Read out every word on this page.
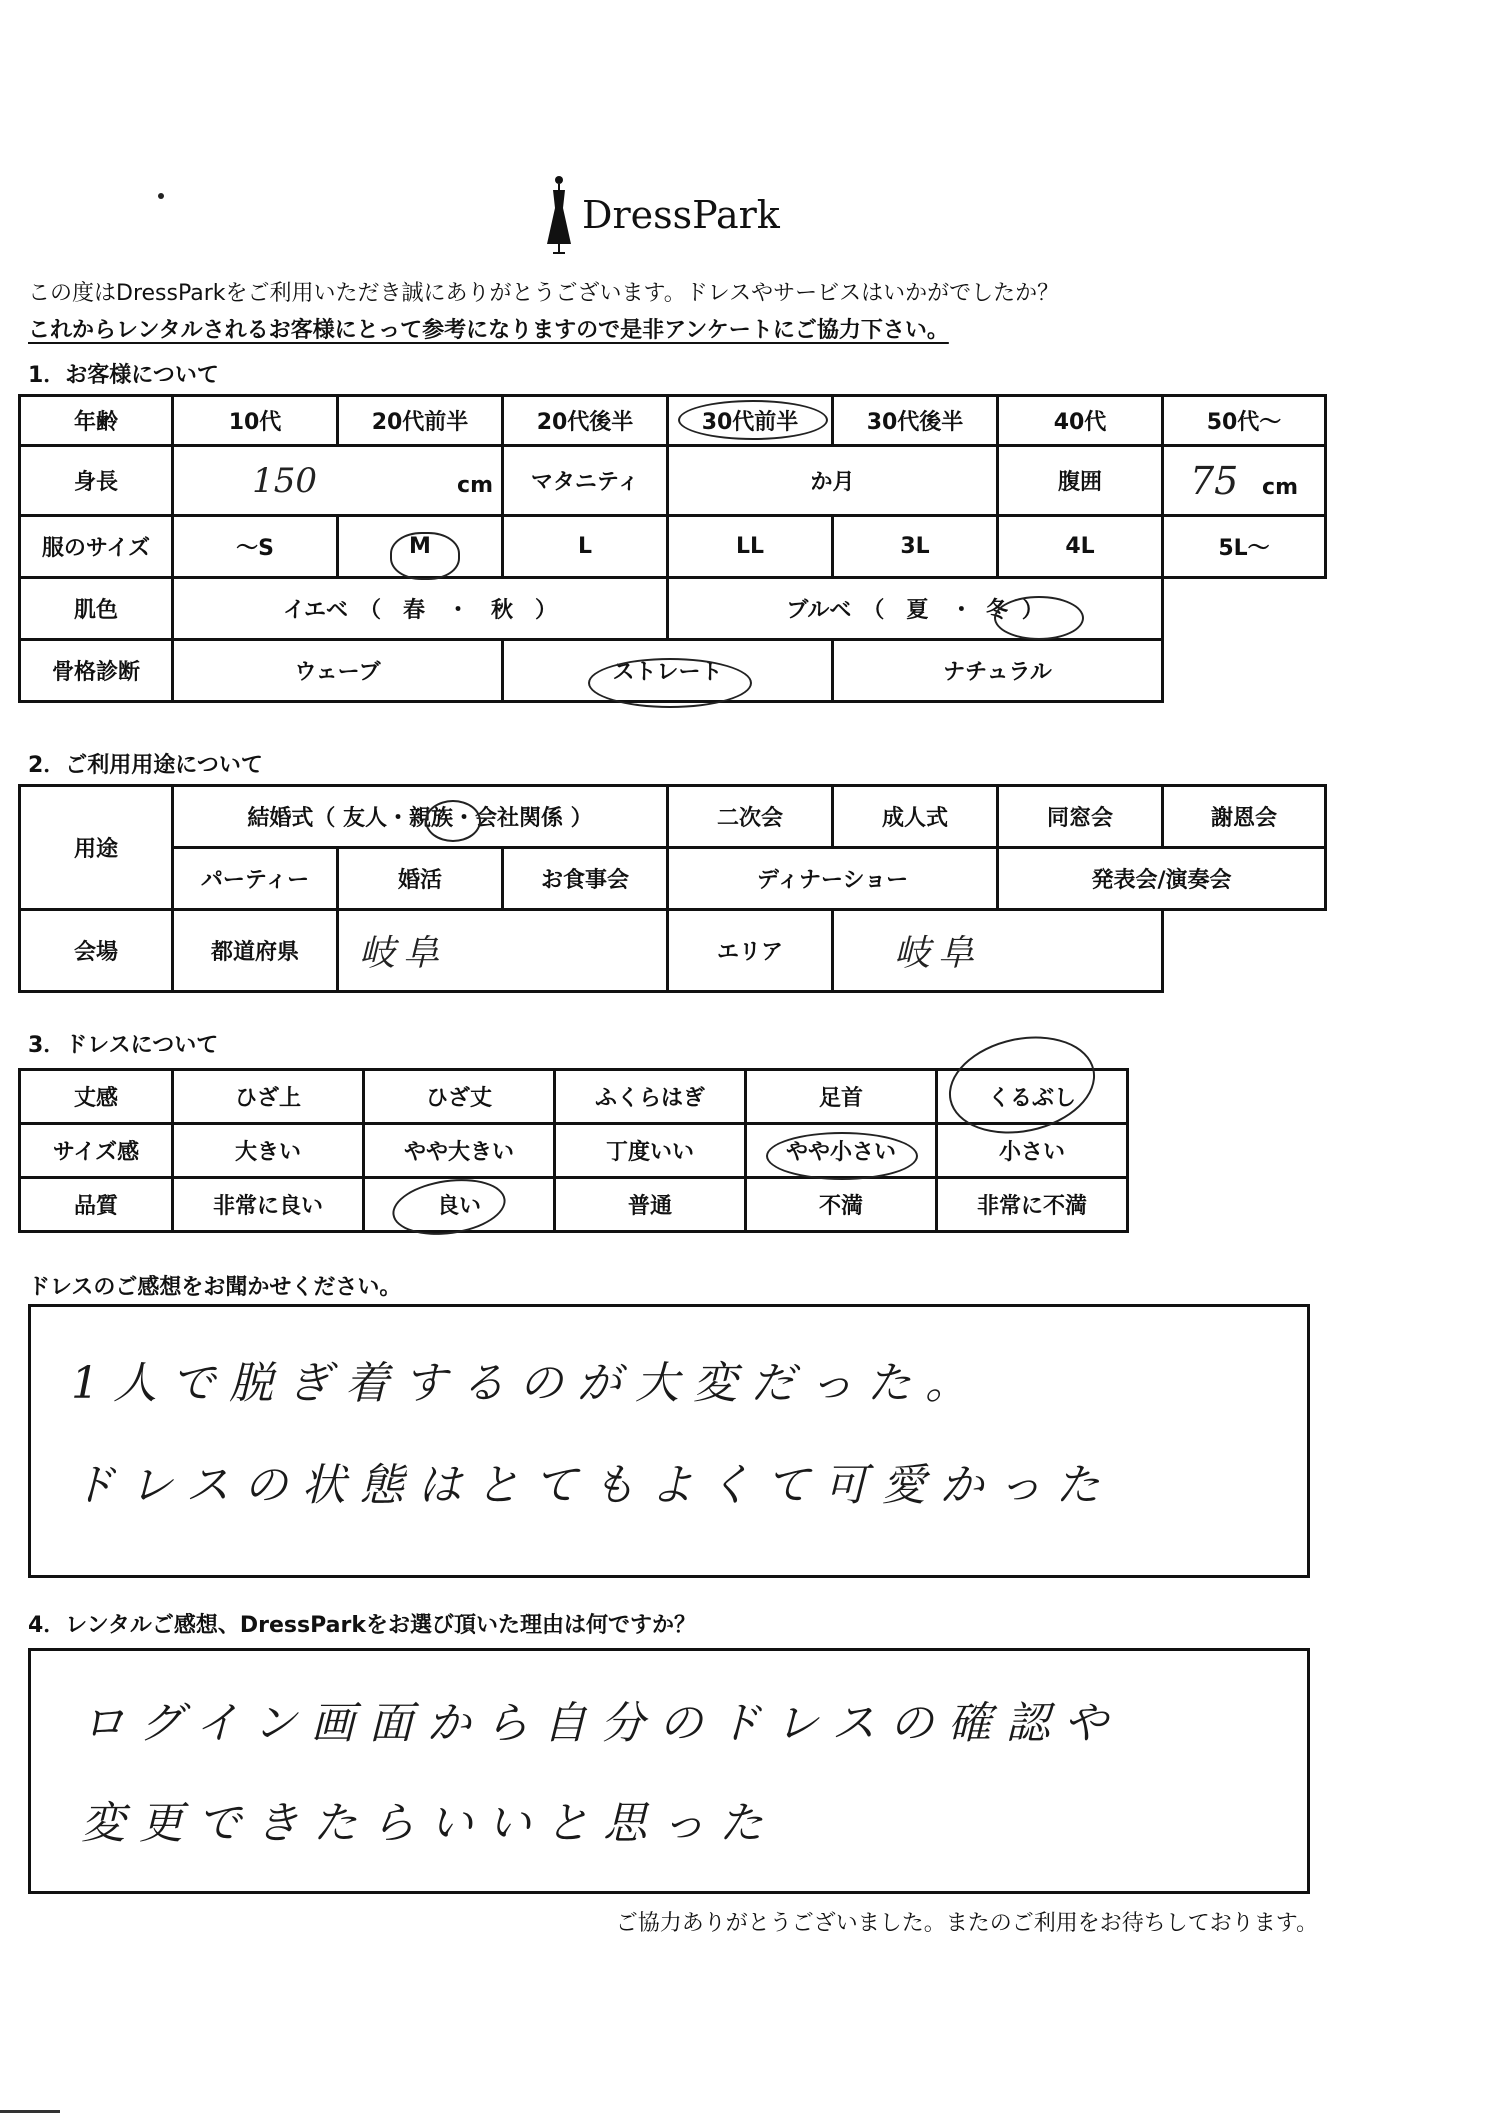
DressPark
この度はDressParkをご利用いただき誠にありがとうございます。ドレスやサービスはいかがでしたか？
これからレンタルされるお客様にとって参考になりますので是非アンケートにご協力下さい。
1．お客様について
年齢	10代	20代前半	20代後半	30代前半	30代後半	40代	50代～
身長	150 cm		マタニティ	か月		腹囲	75 cm
服のサイズ	～S	M	L	LL	3L	4L	5L～
肌色	イエベ　（　春　・　秋　）			ブルベ　（　夏　・ 冬 ）			
骨格診断	ウェーブ		ストレート		ナチュラル		
2．ご利用用途について
用途	結婚式（ 友人・親族・会社関係 ）			二次会	成人式	同窓会	謝恩会
	パーティー	婚活	お食事会	ディナーショー		発表会/演奏会	
会場	都道府県	岐阜		エリア	岐阜		
3．ドレスについて
丈感	ひざ上	ひざ丈	ふくらはぎ	足首	くるぶし
サイズ感	大きい	やや大きい	丁度いい	やや小さい	小さい
品質	非常に良い	良い	普通	不満	非常に不満
ドレスのご感想をお聞かせください。
1人で脱ぎ着するのが大変だった。
ドレスの状態はとてもよくて可愛かった
4．レンタルご感想、DressParkをお選び頂いた理由は何ですか？
ログイン画面から自分のドレスの確認や
変更できたらいいと思った
ご協力ありがとうございました。またのご利用をお待ちしております。
